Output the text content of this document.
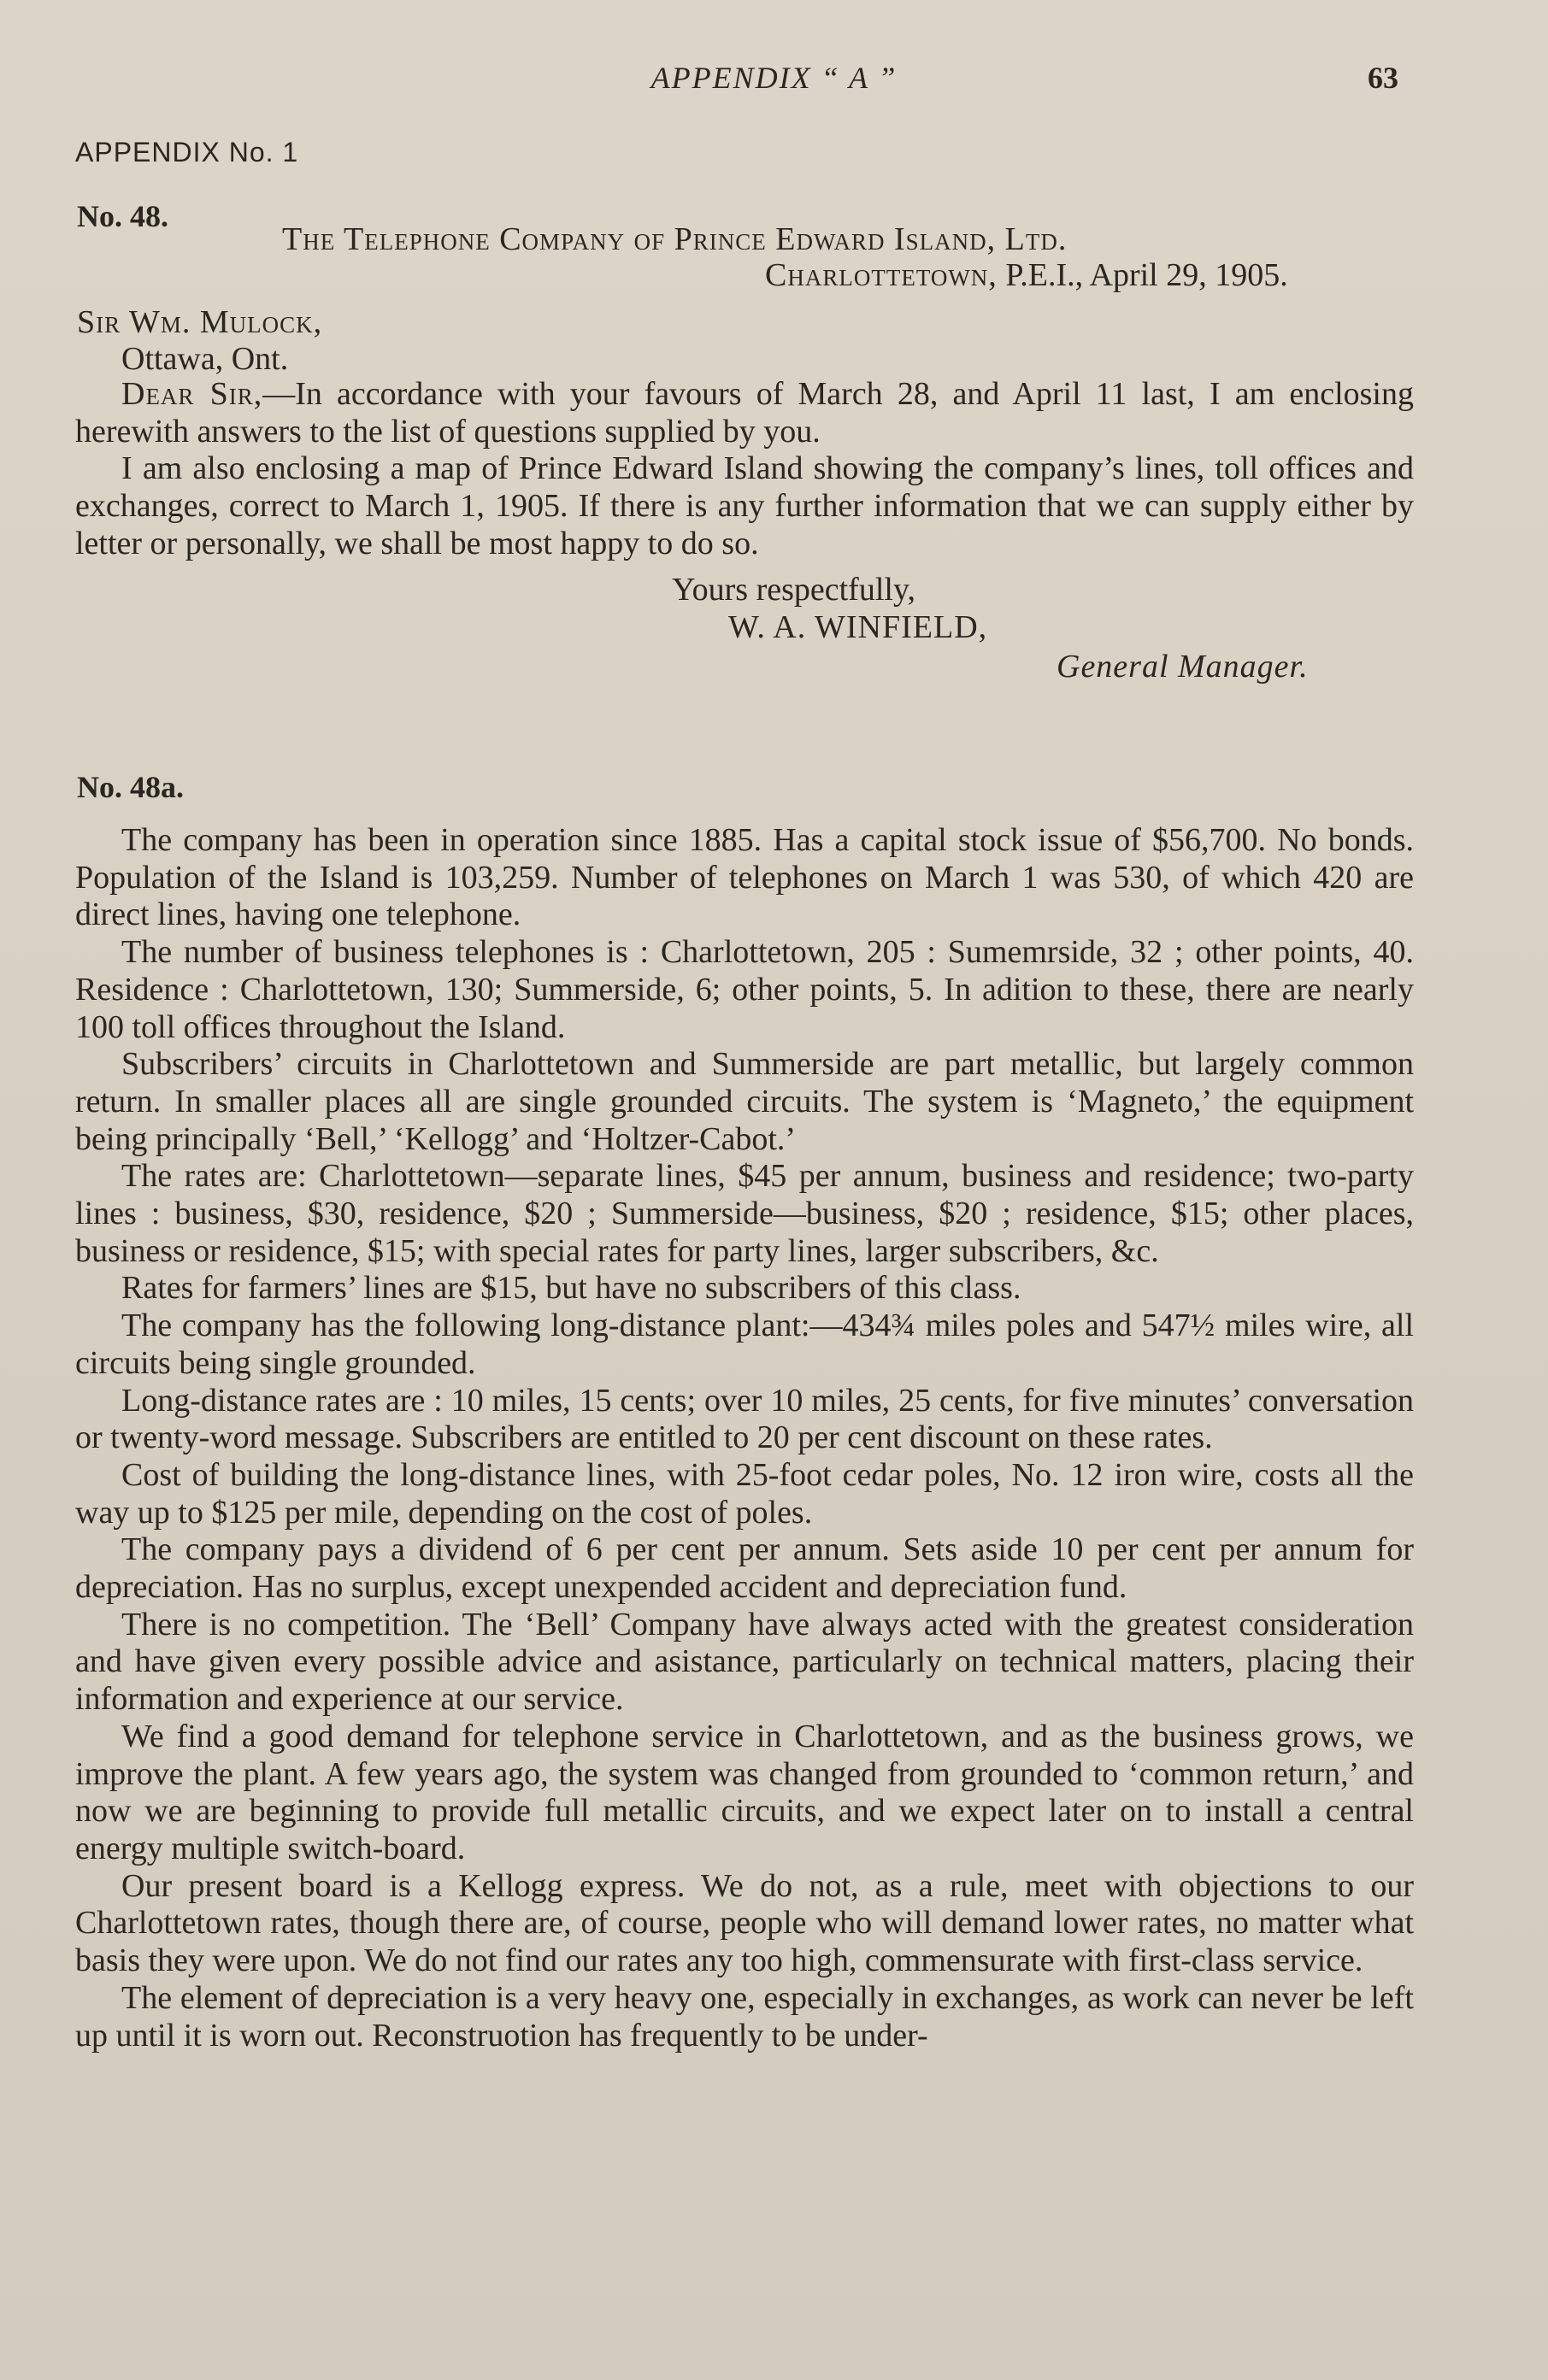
APPENDIX “ A ”	63
APPENDIX No. 1
No. 48.
The Telephone Company of Prince Edward Island, Ltd.
Charlottetown, P.E.I., April 29, 1905.
Sir Wm. Mulock,
Ottawa, Ont.

Dear Sir,—In accordance with your favours of March 28, and April 11 last, I am enclosing herewith answers to the list of questions supplied by you.

I am also enclosing a map of Prince Edward Island showing the company’s lines, toll offices and exchanges, correct to March 1, 1905. If there is any further information that we can supply either by letter or personally, we shall be most happy to do so.

Yours respectfully,
W. A. WINFIELD,
General Manager.
No. 48a.

The company has been in operation since 1885. Has a capital stock issue of $56,700. No bonds. Population of the Island is 103,259. Number of telephones on March 1 was 530, of which 420 are direct lines, having one telephone.

The number of business telephones is : Charlottetown, 205 : Sumemrside, 32 ; other points, 40. Residence : Charlottetown, 130; Summerside, 6; other points, 5. In adition to these, there are nearly 100 toll offices throughout the Island.

Subscribers’ circuits in Charlottetown and Summerside are part metallic, but largely common return. In smaller places all are single grounded circuits. The system is ‘Magneto,’ the equipment being principally ‘Bell,’ ‘Kellogg’ and ‘Holtzer-Cabot.’

The rates are: Charlottetown—separate lines, $45 per annum, business and residence; two-party lines : business, $30, residence, $20 ; Summerside—business, $20 ; residence, $15; other places, business or residence, $15; with special rates for party lines, larger subscribers, &c.

Rates for farmers’ lines are $15, but have no subscribers of this class.

The company has the following long-distance plant:—434¾ miles poles and 547½ miles wire, all circuits being single grounded.

Long-distance rates are : 10 miles, 15 cents; over 10 miles, 25 cents, for five minutes’ conversation or twenty-word message. Subscribers are entitled to 20 per cent discount on these rates.

Cost of building the long-distance lines, with 25-foot cedar poles, No. 12 iron wire, costs all the way up to $125 per mile, depending on the cost of poles.

The company pays a dividend of 6 per cent per annum. Sets aside 10 per cent per annum for depreciation. Has no surplus, except unexpended accident and depreciation fund.

There is no competition. The ‘Bell’ Company have always acted with the greatest consideration and have given every possible advice and asistance, particularly on technical matters, placing their information and experience at our service.

We find a good demand for telephone service in Charlottetown, and as the business grows, we improve the plant. A few years ago, the system was changed from grounded to ‘common return,’ and now we are beginning to provide full metallic circuits, and we expect later on to install a central energy multiple switch-board.

Our present board is a Kellogg express. We do not, as a rule, meet with objections to our Charlottetown rates, though there are, of course, people who will demand lower rates, no matter what basis they were upon. We do not find our rates any too high, commensurate with first-class service.

The element of depreciation is a very heavy one, especially in exchanges, as work can never be left up until it is worn out. Reconstruotion has frequently to be under-
